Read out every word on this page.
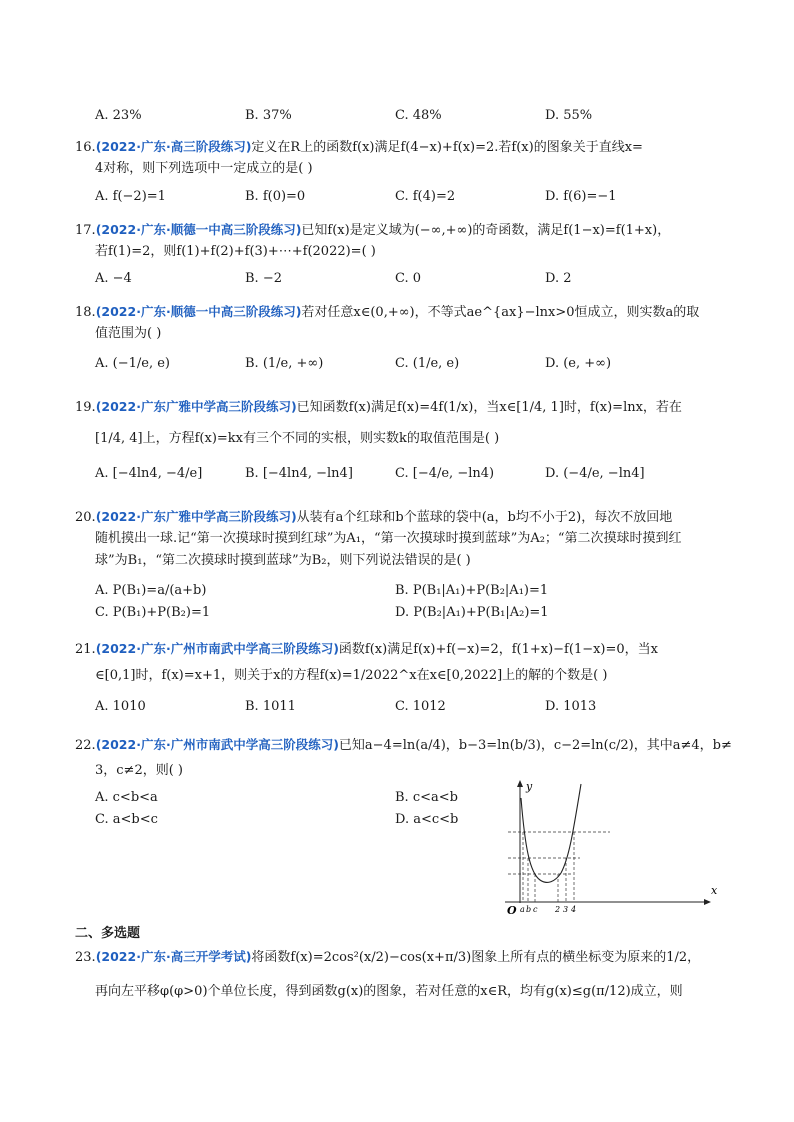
A. 23%	B. 37%	C. 48%	D. 55%
16.(2022·广东·高三阶段练习)定义在R上的函数f(x)满足f(4−x)+f(x)=2.若f(x)的图象关于直线x=
4对称，则下列选项中一定成立的是( )
A. f(−2)=1	B. f(0)=0	C. f(4)=2	D. f(6)=−1
17.(2022·广东·顺德一中高三阶段练习)已知f(x)是定义域为(−∞,+∞)的奇函数，满足f(1−x)=f(1+x)，
若f(1)=2，则f(1)+f(2)+f(3)+⋯+f(2022)=( )
A. −4	B. −2	C. 0	D. 2
18.(2022·广东·顺德一中高三阶段练习)若对任意x∈(0,+∞)，不等式ae^{ax}−lnx>0恒成立，则实数a的取
值范围为( )
A. (−1/e, e)	B. (1/e, +∞)	C. (1/e, e)	D. (e, +∞)
19.(2022·广东广雅中学高三阶段练习)已知函数f(x)满足f(x)=4f(1/x)，当x∈[1/4, 1]时，f(x)=lnx，若在
[1/4, 4]上，方程f(x)=kx有三个不同的实根，则实数k的取值范围是( )
A. [−4ln4, −4/e]	B. [−4ln4, −ln4]	C. [−4/e, −ln4)	D. (−4/e, −ln4]
20.(2022·广东广雅中学高三阶段练习)从装有a个红球和b个蓝球的袋中(a，b均不小于2)，每次不放回地
随机摸出一球.记“第一次摸球时摸到红球”为A₁，“第一次摸球时摸到蓝球”为A₂；“第二次摸球时摸到红
球”为B₁，“第二次摸球时摸到蓝球”为B₂，则下列说法错误的是( )
A. P(B₁)=a/(a+b)	B. P(B₁|A₁)+P(B₂|A₁)=1
C. P(B₁)+P(B₂)=1	D. P(B₂|A₁)+P(B₁|A₂)=1
21.(2022·广东·广州市南武中学高三阶段练习)函数f(x)满足f(x)+f(−x)=2，f(1+x)−f(1−x)=0，当x
∈[0,1]时，f(x)=x+1，则关于x的方程f(x)=1/2022^x在x∈[0,2022]上的解的个数是( )
A. 1010	B. 1011	C. 1012	D. 1013
22.(2022·广东·广州市南武中学高三阶段练习)已知a−4=ln(a/4)，b−3=ln(b/3)，c−2=ln(c/2)，其中a≠4，b≠
3，c≠2，则( )
A. c<b<a	B. c<a<b
C. a<b<c	D. a<c<b
y
x
O a b c 2 3 4
二、多选题
23.(2022·广东·高三开学考试)将函数f(x)=2cos²(x/2)−cos(x+π/3)图象上所有点的横坐标变为原来的1/2，
再向左平移φ(φ>0)个单位长度，得到函数g(x)的图象，若对任意的x∈R，均有g(x)≤g(π/12)成立，则
